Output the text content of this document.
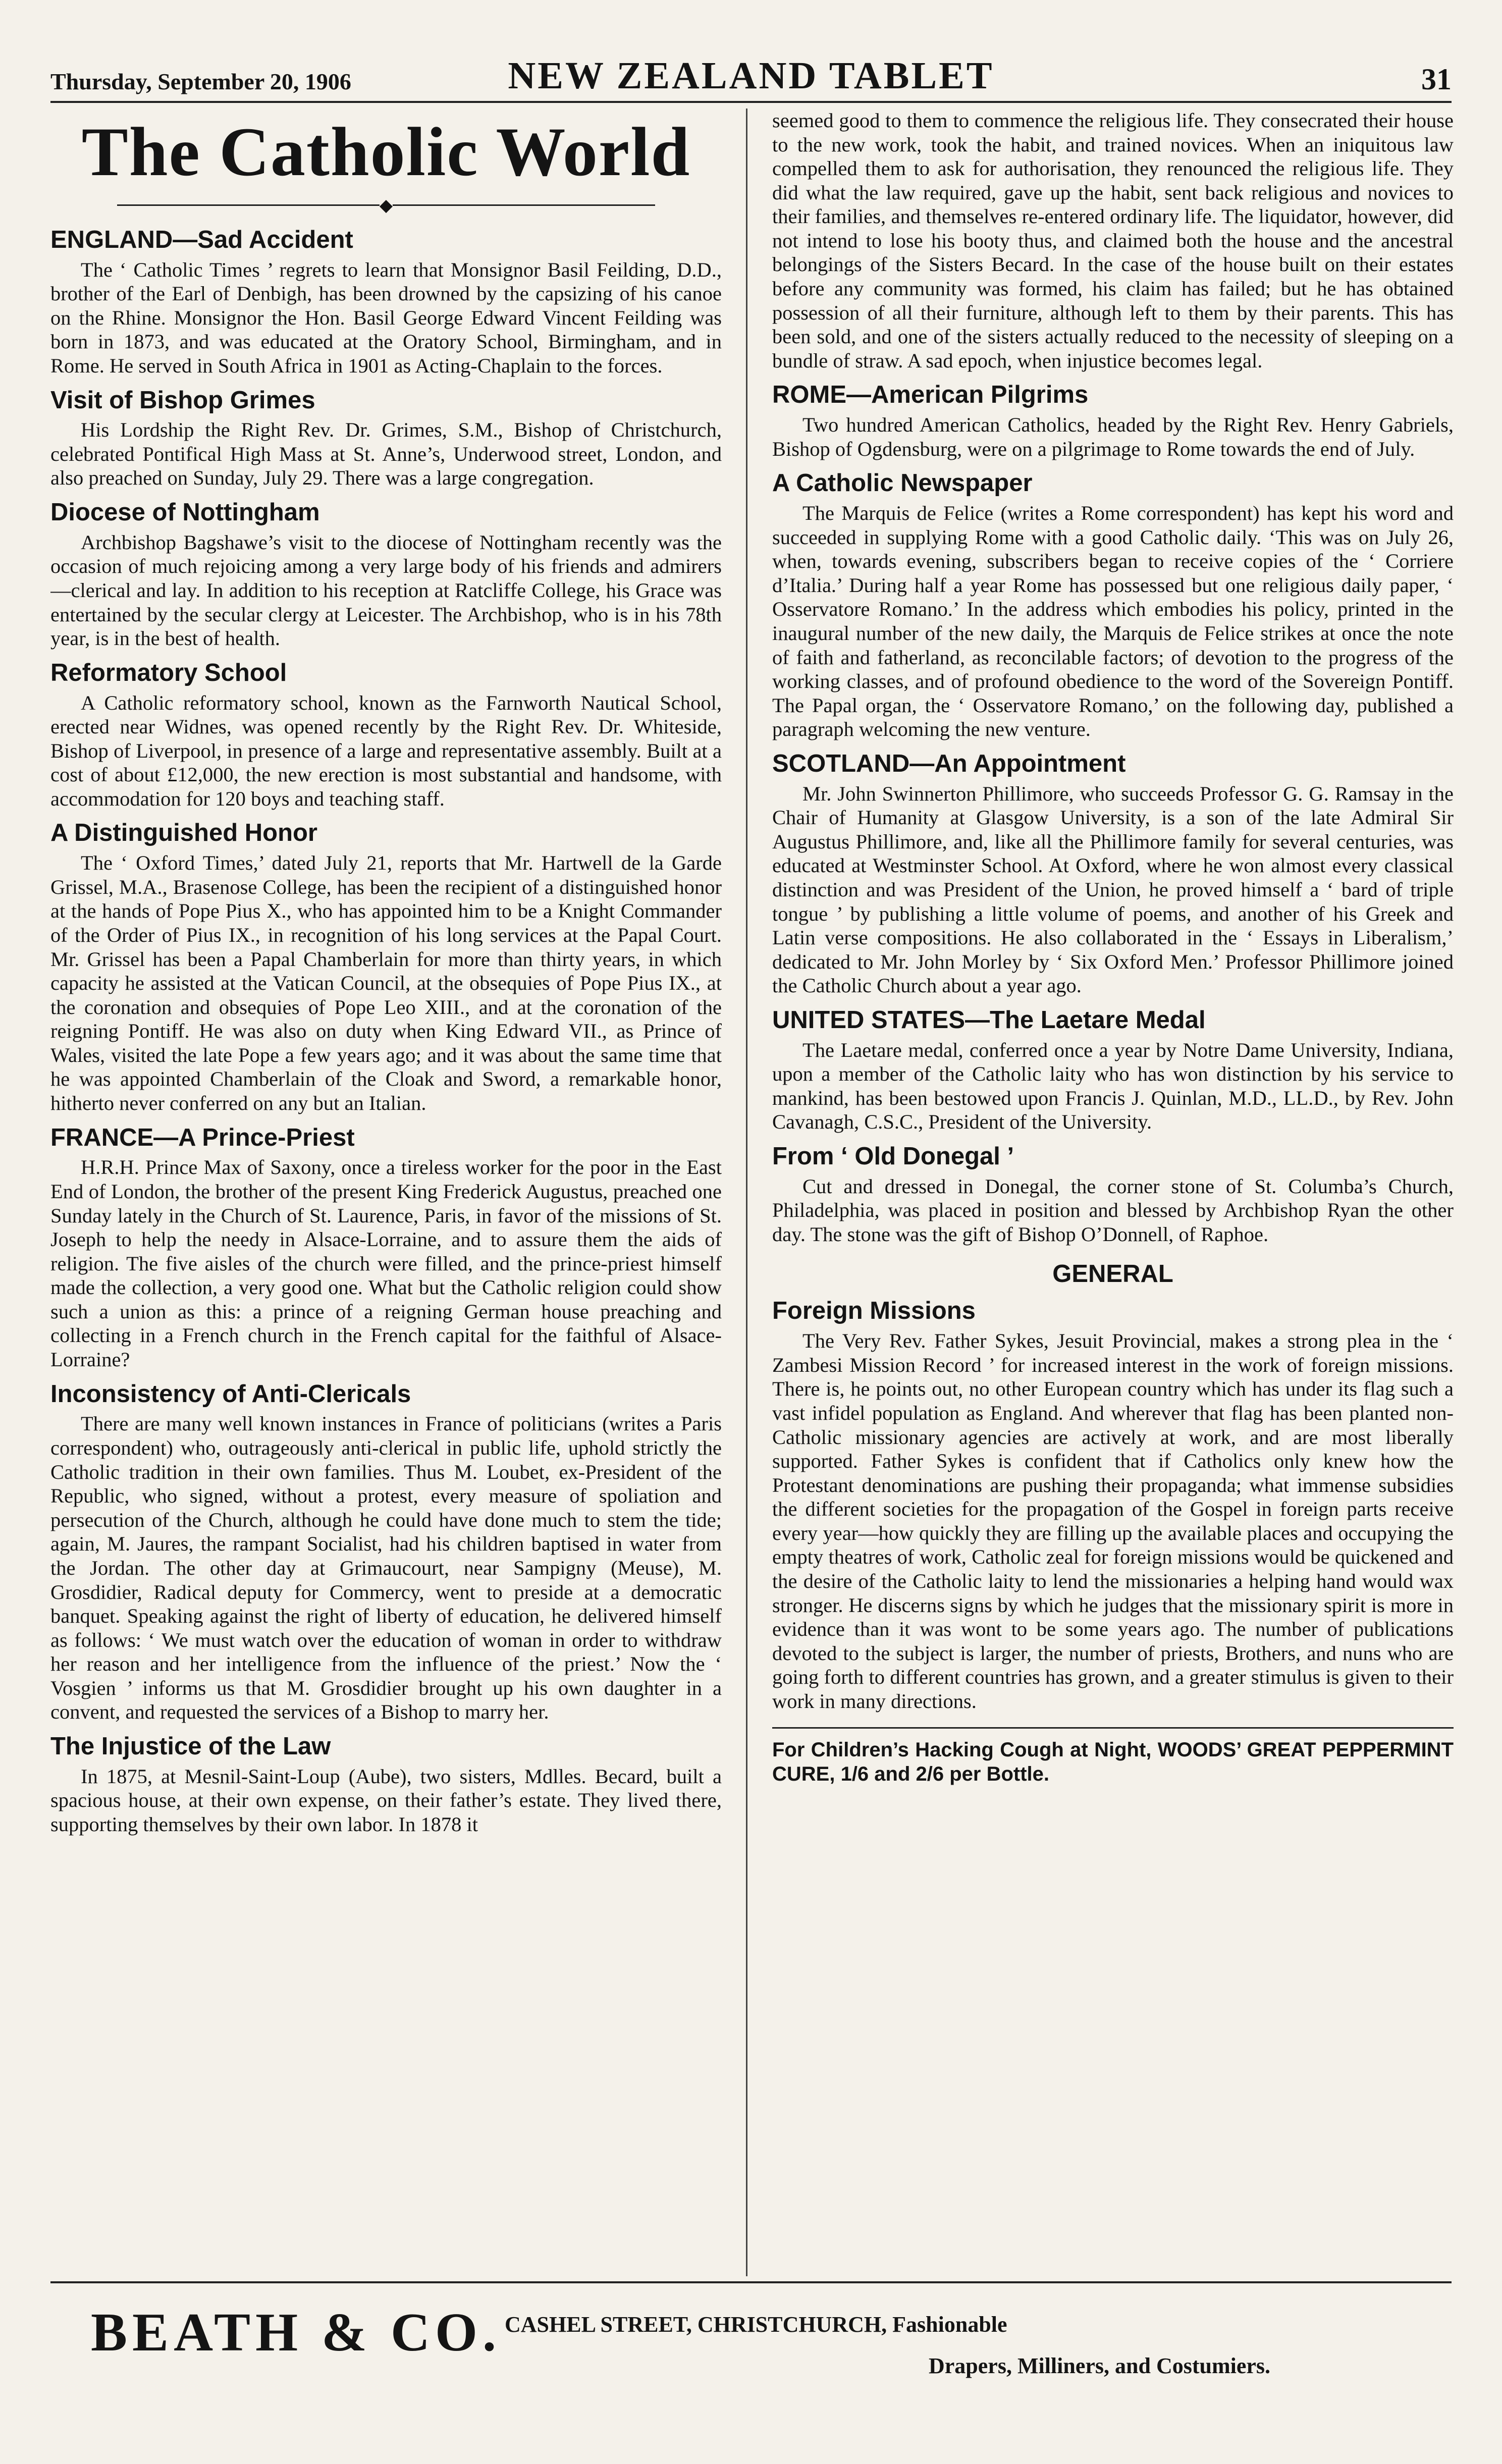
Thursday, September 20, 1906	NEW ZEALAND TABLET	31
The Catholic World
◆
ENGLAND—Sad Accident

The ‘ Catholic Times ’ regrets to learn that Monsignor Basil Feilding, D.D., brother of the Earl of Denbigh, has been drowned by the capsizing of his canoe on the Rhine. Monsignor the Hon. Basil George Edward Vincent Feilding was born in 1873, and was educated at the Oratory School, Birmingham, and in Rome. He served in South Africa in 1901 as Acting-Chaplain to the forces.

Visit of Bishop Grimes

His Lordship the Right Rev. Dr. Grimes, S.M., Bishop of Christchurch, celebrated Pontifical High Mass at St. Anne’s, Underwood street, London, and also preached on Sunday, July 29. There was a large congregation.

Diocese of Nottingham

Archbishop Bagshawe’s visit to the diocese of Nottingham recently was the occasion of much rejoicing among a very large body of his friends and admirers—clerical and lay. In addition to his reception at Ratcliffe College, his Grace was entertained by the secular clergy at Leicester. The Archbishop, who is in his 78th year, is in the best of health.

Reformatory School

A Catholic reformatory school, known as the Farnworth Nautical School, erected near Widnes, was opened recently by the Right Rev. Dr. Whiteside, Bishop of Liverpool, in presence of a large and representative assembly. Built at a cost of about £12,000, the new erection is most substantial and handsome, with accommodation for 120 boys and teaching staff.

A Distinguished Honor

The ‘ Oxford Times,’ dated July 21, reports that Mr. Hartwell de la Garde Grissel, M.A., Brasenose College, has been the recipient of a distinguished honor at the hands of Pope Pius X., who has appointed him to be a Knight Commander of the Order of Pius IX., in recognition of his long services at the Papal Court. Mr. Grissel has been a Papal Chamberlain for more than thirty years, in which capacity he assisted at the Vatican Council, at the obsequies of Pope Pius IX., at the coronation and obsequies of Pope Leo XIII., and at the coronation of the reigning Pontiff. He was also on duty when King Edward VII., as Prince of Wales, visited the late Pope a few years ago; and it was about the same time that he was appointed Chamberlain of the Cloak and Sword, a remarkable honor, hitherto never conferred on any but an Italian.

FRANCE—A Prince-Priest

H.R.H. Prince Max of Saxony, once a tireless worker for the poor in the East End of London, the brother of the present King Frederick Augustus, preached one Sunday lately in the Church of St. Laurence, Paris, in favor of the missions of St. Joseph to help the needy in Alsace-Lorraine, and to assure them the aids of religion. The five aisles of the church were filled, and the prince-priest himself made the collection, a very good one. What but the Catholic religion could show such a union as this: a prince of a reigning German house preaching and collecting in a French church in the French capital for the faithful of Alsace-Lorraine?

Inconsistency of Anti-Clericals

There are many well known instances in France of politicians (writes a Paris correspondent) who, outrageously anti-clerical in public life, uphold strictly the Catholic tradition in their own families. Thus M. Loubet, ex-President of the Republic, who signed, without a protest, every measure of spoliation and persecution of the Church, although he could have done much to stem the tide; again, M. Jaures, the rampant Socialist, had his children baptised in water from the Jordan. The other day at Grimaucourt, near Sampigny (Meuse), M. Grosdidier, Radical deputy for Commercy, went to preside at a democratic banquet. Speaking against the right of liberty of education, he delivered himself as follows: ‘ We must watch over the education of woman in order to withdraw her reason and her intelligence from the influence of the priest.’ Now the ‘ Vosgien ’ informs us that M. Grosdidier brought up his own daughter in a convent, and requested the services of a Bishop to marry her.

The Injustice of the Law

In 1875, at Mesnil-Saint-Loup (Aube), two sisters, Mdlles. Becard, built a spacious house, at their own expense, on their father’s estate. They lived there, supporting themselves by their own labor. In 1878 it

seemed good to them to commence the religious life. They consecrated their house to the new work, took the habit, and trained novices. When an iniquitous law compelled them to ask for authorisation, they renounced the religious life. They did what the law required, gave up the habit, sent back religious and novices to their families, and themselves re-entered ordinary life. The liquidator, however, did not intend to lose his booty thus, and claimed both the house and the ancestral belongings of the Sisters Becard. In the case of the house built on their estates before any community was formed, his claim has failed; but he has obtained possession of all their furniture, although left to them by their parents. This has been sold, and one of the sisters actually reduced to the necessity of sleeping on a bundle of straw. A sad epoch, when injustice becomes legal.

ROME—American Pilgrims

Two hundred American Catholics, headed by the Right Rev. Henry Gabriels, Bishop of Ogdensburg, were on a pilgrimage to Rome towards the end of July.

A Catholic Newspaper

The Marquis de Felice (writes a Rome correspondent) has kept his word and succeeded in supplying Rome with a good Catholic daily. ‘This was on July 26, when, towards evening, subscribers began to receive copies of the ‘ Corriere d’Italia.’ During half a year Rome has possessed but one religious daily paper, ‘ Osservatore Romano.’ In the address which embodies his policy, printed in the inaugural number of the new daily, the Marquis de Felice strikes at once the note of faith and fatherland, as reconcilable factors; of devotion to the progress of the working classes, and of profound obedience to the word of the Sovereign Pontiff. The Papal organ, the ‘ Osservatore Romano,’ on the following day, published a paragraph welcoming the new venture.

SCOTLAND—An Appointment

Mr. John Swinnerton Phillimore, who succeeds Professor G. G. Ramsay in the Chair of Humanity at Glasgow University, is a son of the late Admiral Sir Augustus Phillimore, and, like all the Phillimore family for several centuries, was educated at Westminster School. At Oxford, where he won almost every classical distinction and was President of the Union, he proved himself a ‘ bard of triple tongue ’ by publishing a little volume of poems, and another of his Greek and Latin verse compositions. He also collaborated in the ‘ Essays in Liberalism,’ dedicated to Mr. John Morley by ‘ Six Oxford Men.’ Professor Phillimore joined the Catholic Church about a year ago.

UNITED STATES—The Laetare Medal

The Laetare medal, conferred once a year by Notre Dame University, Indiana, upon a member of the Catholic laity who has won distinction by his service to mankind, has been bestowed upon Francis J. Quinlan, M.D., LL.D., by Rev. John Cavanagh, C.S.C., President of the University.

From ‘ Old Donegal ’

Cut and dressed in Donegal, the corner stone of St. Columba’s Church, Philadelphia, was placed in position and blessed by Archbishop Ryan the other day. The stone was the gift of Bishop O’Donnell, of Raphoe.

GENERAL
Foreign Missions

The Very Rev. Father Sykes, Jesuit Provincial, makes a strong plea in the ‘ Zambesi Mission Record ’ for increased interest in the work of foreign missions. There is, he points out, no other European country which has under its flag such a vast infidel population as England. And wherever that flag has been planted non-Catholic missionary agencies are actively at work, and are most liberally supported. Father Sykes is confident that if Catholics only knew how the Protestant denominations are pushing their propaganda; what immense subsidies the different societies for the propagation of the Gospel in foreign parts receive every year—how quickly they are filling up the available places and occupying the empty theatres of work, Catholic zeal for foreign missions would be quickened and the desire of the Catholic laity to lend the missionaries a helping hand would wax stronger. He discerns signs by which he judges that the missionary spirit is more in evidence than it was wont to be some years ago. The number of publications devoted to the subject is larger, the number of priests, Brothers, and nuns who are going forth to different countries has grown, and a greater stimulus is given to their work in many directions.

For Children’s Hacking Cough at Night, WOODS’ GREAT PEPPERMINT CURE, 1/6 and 2/6 per Bottle.
BEATH & CO. CASHEL STREET, CHRISTCHURCH, Fashionable
Drapers, Milliners, and Costumiers.
